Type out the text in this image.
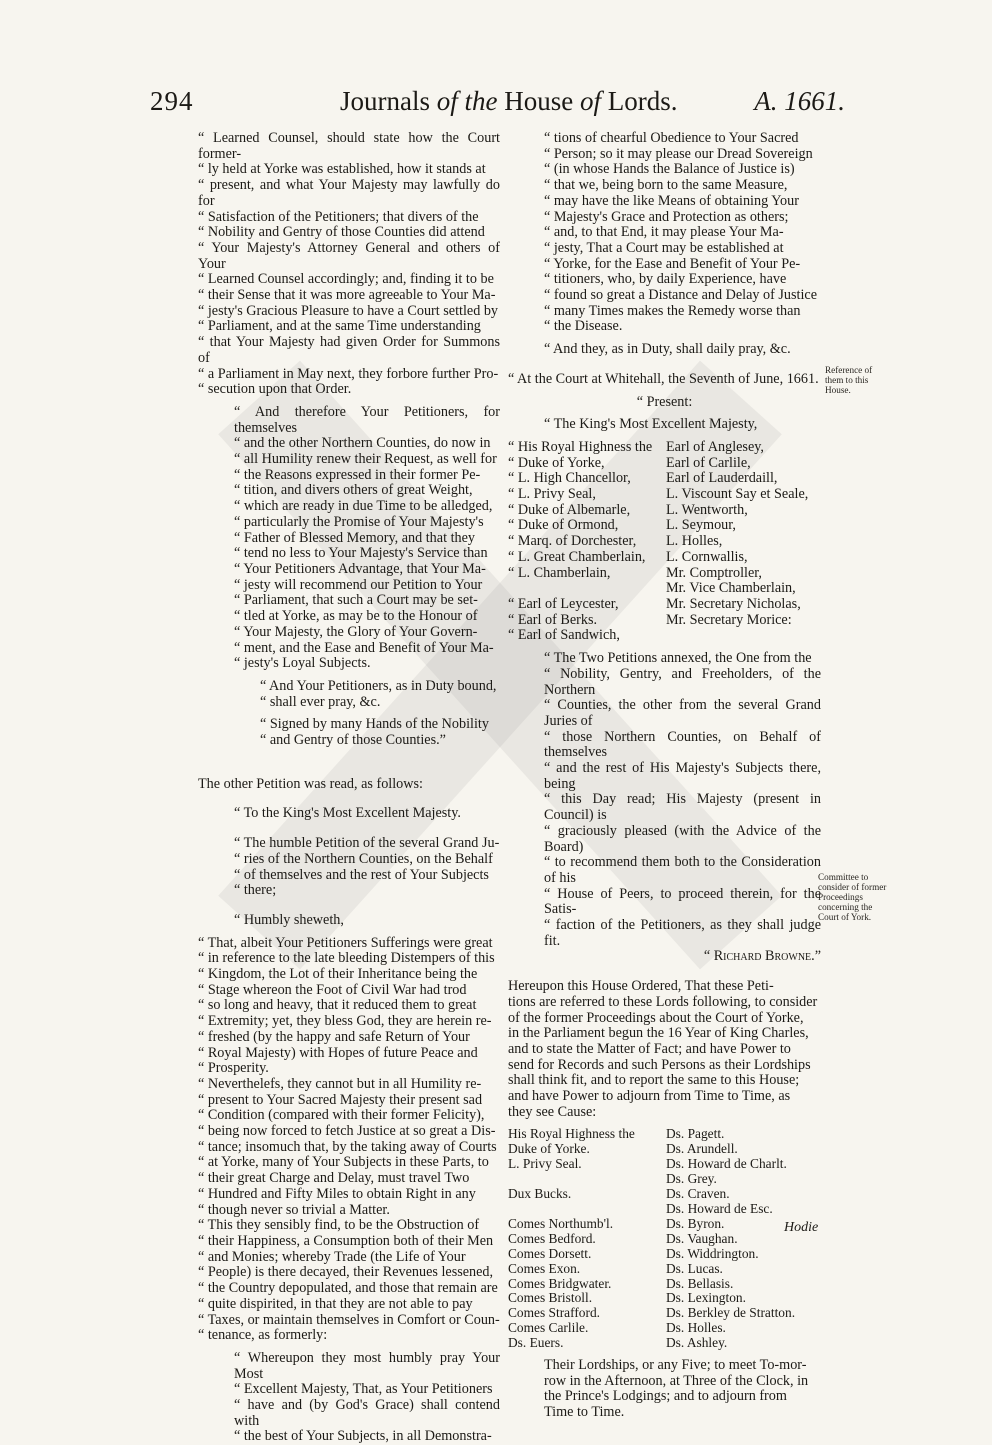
294	Journals of the House of Lords.	A. 1661.

“ Learned Counsel, should state how the Court former-

“ ly held at Yorke was established, how it stands at

“ present, and what Your Majesty may lawfully do for

“ Satisfaction of the Petitioners; that divers of the

“ Nobility and Gentry of those Counties did attend

“ Your Majesty's Attorney General and others of Your

“ Learned Counsel accordingly; and, finding it to be

“ their Sense that it was more agreeable to Your Ma-

“ jesty's Gracious Pleasure to have a Court settled by

“ Parliament, and at the same Time understanding

“ that Your Majesty had given Order for Summons of

“ a Parliament in May next, they forbore further Pro-

“ secution upon that Order.

“ And therefore Your Petitioners, for themselves

“ and the other Northern Counties, do now in

“ all Humility renew their Request, as well for

“ the Reasons expressed in their former Pe-

“ tition, and divers others of great Weight,

“ which are ready in due Time to be alledged,

“ particularly the Promise of Your Majesty's

“ Father of Blessed Memory, and that they

“ tend no less to Your Majesty's Service than

“ Your Petitioners Advantage, that Your Ma-

“ jesty will recommend our Petition to Your

“ Parliament, that such a Court may be set-

“ tled at Yorke, as may be to the Honour of

“ Your Majesty, the Glory of Your Govern-

“ ment, and the Ease and Benefit of Your Ma-

“ jesty's Loyal Subjects.

“ And Your Petitioners, as in Duty bound,

“ shall ever pray, &c.

“ Signed by many Hands of the Nobility

“ and Gentry of those Counties.”

The other Petition was read, as follows:

“ To the King's Most Excellent Majesty.

“ The humble Petition of the several Grand Ju-

“ ries of the Northern Counties, on the Behalf

“ of themselves and the rest of Your Subjects

“ there;

“ Humbly sheweth,

“ That, albeit Your Petitioners Sufferings were great

“ in reference to the late bleeding Distempers of this

“ Kingdom, the Lot of their Inheritance being the

“ Stage whereon the Foot of Civil War had trod

“ so long and heavy, that it reduced them to great

“ Extremity; yet, they bless God, they are herein re-

“ freshed (by the happy and safe Return of Your

“ Royal Majesty) with Hopes of future Peace and

“ Prosperity.

“ Neverthelefs, they cannot but in all Humility re-

“ present to Your Sacred Majesty their present sad

“ Condition (compared with their former Felicity),

“ being now forced to fetch Justice at so great a Dis-

“ tance; insomuch that, by the taking away of Courts

“ at Yorke, many of Your Subjects in these Parts, to

“ their great Charge and Delay, must travel Two

“ Hundred and Fifty Miles to obtain Right in any

“ though never so trivial a Matter.

“ This they sensibly find, to be the Obstruction of

“ their Happiness, a Consumption both of their Men

“ and Monies; whereby Trade (the Life of Your

“ People) is there decayed, their Revenues lessened,

“ the Country depopulated, and those that remain are

“ quite dispirited, in that they are not able to pay

“ Taxes, or maintain themselves in Comfort or Coun-

“ tenance, as formerly:

“ Whereupon they most humbly pray Your Most

“ Excellent Majesty, That, as Your Petitioners

“ have and (by God's Grace) shall contend with

“ the best of Your Subjects, in all Demonstra-

“ tions of chearful Obedience to Your Sacred

“ Person; so it may please our Dread Sovereign

“ (in whose Hands the Balance of Justice is)

“ that we, being born to the same Measure,

“ may have the like Means of obtaining Your

“ Majesty's Grace and Protection as others;

“ and, to that End, it may please Your Ma-

“ jesty, That a Court may be established at

“ Yorke, for the Ease and Benefit of Your Pe-

“ titioners, who, by daily Experience, have

“ found so great a Distance and Delay of Justice

“ many Times makes the Remedy worse than

“ the Disease.

“ And they, as in Duty, shall daily pray, &c.

“ At the Court at Whitehall, the Seventh of June, 1661.

“ Present:

“ The King's Most Excellent Majesty,

“ His Royal Highness the	Earl of Anglesey,
“ Duke of Yorke,	Earl of Carlile,
“ L. High Chancellor,	Earl of Lauderdaill,
“ L. Privy Seal,	L. Viscount Say et Seale,
“ Duke of Albemarle,	L. Wentworth,
“ Duke of Ormond,	L. Seymour,
“ Marq. of Dorchester,	L. Holles,
“ L. Great Chamberlain,	L. Cornwallis,
“ L. Chamberlain,	Mr. Comptroller,
	Mr. Vice Chamberlain,
“ Earl of Leycester,	Mr. Secretary Nicholas,
“ Earl of Berks.	Mr. Secretary Morice:
“ Earl of Sandwich,	

“ The Two Petitions annexed, the One from the

“ Nobility, Gentry, and Freeholders, of the Northern

“ Counties, the other from the several Grand Juries of

“ those Northern Counties, on Behalf of themselves

“ and the rest of His Majesty's Subjects there, being

“ this Day read; His Majesty (present in Council) is

“ graciously pleased (with the Advice of the Board)

“ to recommend them both to the Consideration of his

“ House of Peers, to proceed therein, for the Satis-

“ faction of the Petitioners, as they shall judge fit.

“ Richard Browne.”

Hereupon this House Ordered, That these Peti-

tions are referred to these Lords following, to consider

of the former Proceedings about the Court of Yorke,

in the Parliament begun the 16 Year of King Charles,

and to state the Matter of Fact; and have Power to

send for Records and such Persons as their Lordships

shall think fit, and to report the same to this House;

and have Power to adjourn from Time to Time, as

they see Cause:

His Royal Highness the	Ds. Pagett.
Duke of Yorke.	Ds. Arundell.
L. Privy Seal.	Ds. Howard de Charlt.
	Ds. Grey.
Dux Bucks.	Ds. Craven.
	Ds. Howard de Esc.
Comes Northumb'l.	Ds. Byron.
Comes Bedford.	Ds. Vaughan.
Comes Dorsett.	Ds. Widdrington.
Comes Exon.	Ds. Lucas.
Comes Bridgwater.	Ds. Bellasis.
Comes Bristoll.	Ds. Lexington.
Comes Strafford.	Ds. Berkley de Stratton.
Comes Carlile.	Ds. Holles.

Ds. Euers.	Ds. Ashley.

Their Lordships, or any Five; to meet To-mor-

row in the Afternoon, at Three of the Clock, in

the Prince's Lodgings; and to adjourn from

Time to Time.

Reference of them to this House.
Committee to consider of former Proceedings concerning the Court of York.
Hodie
